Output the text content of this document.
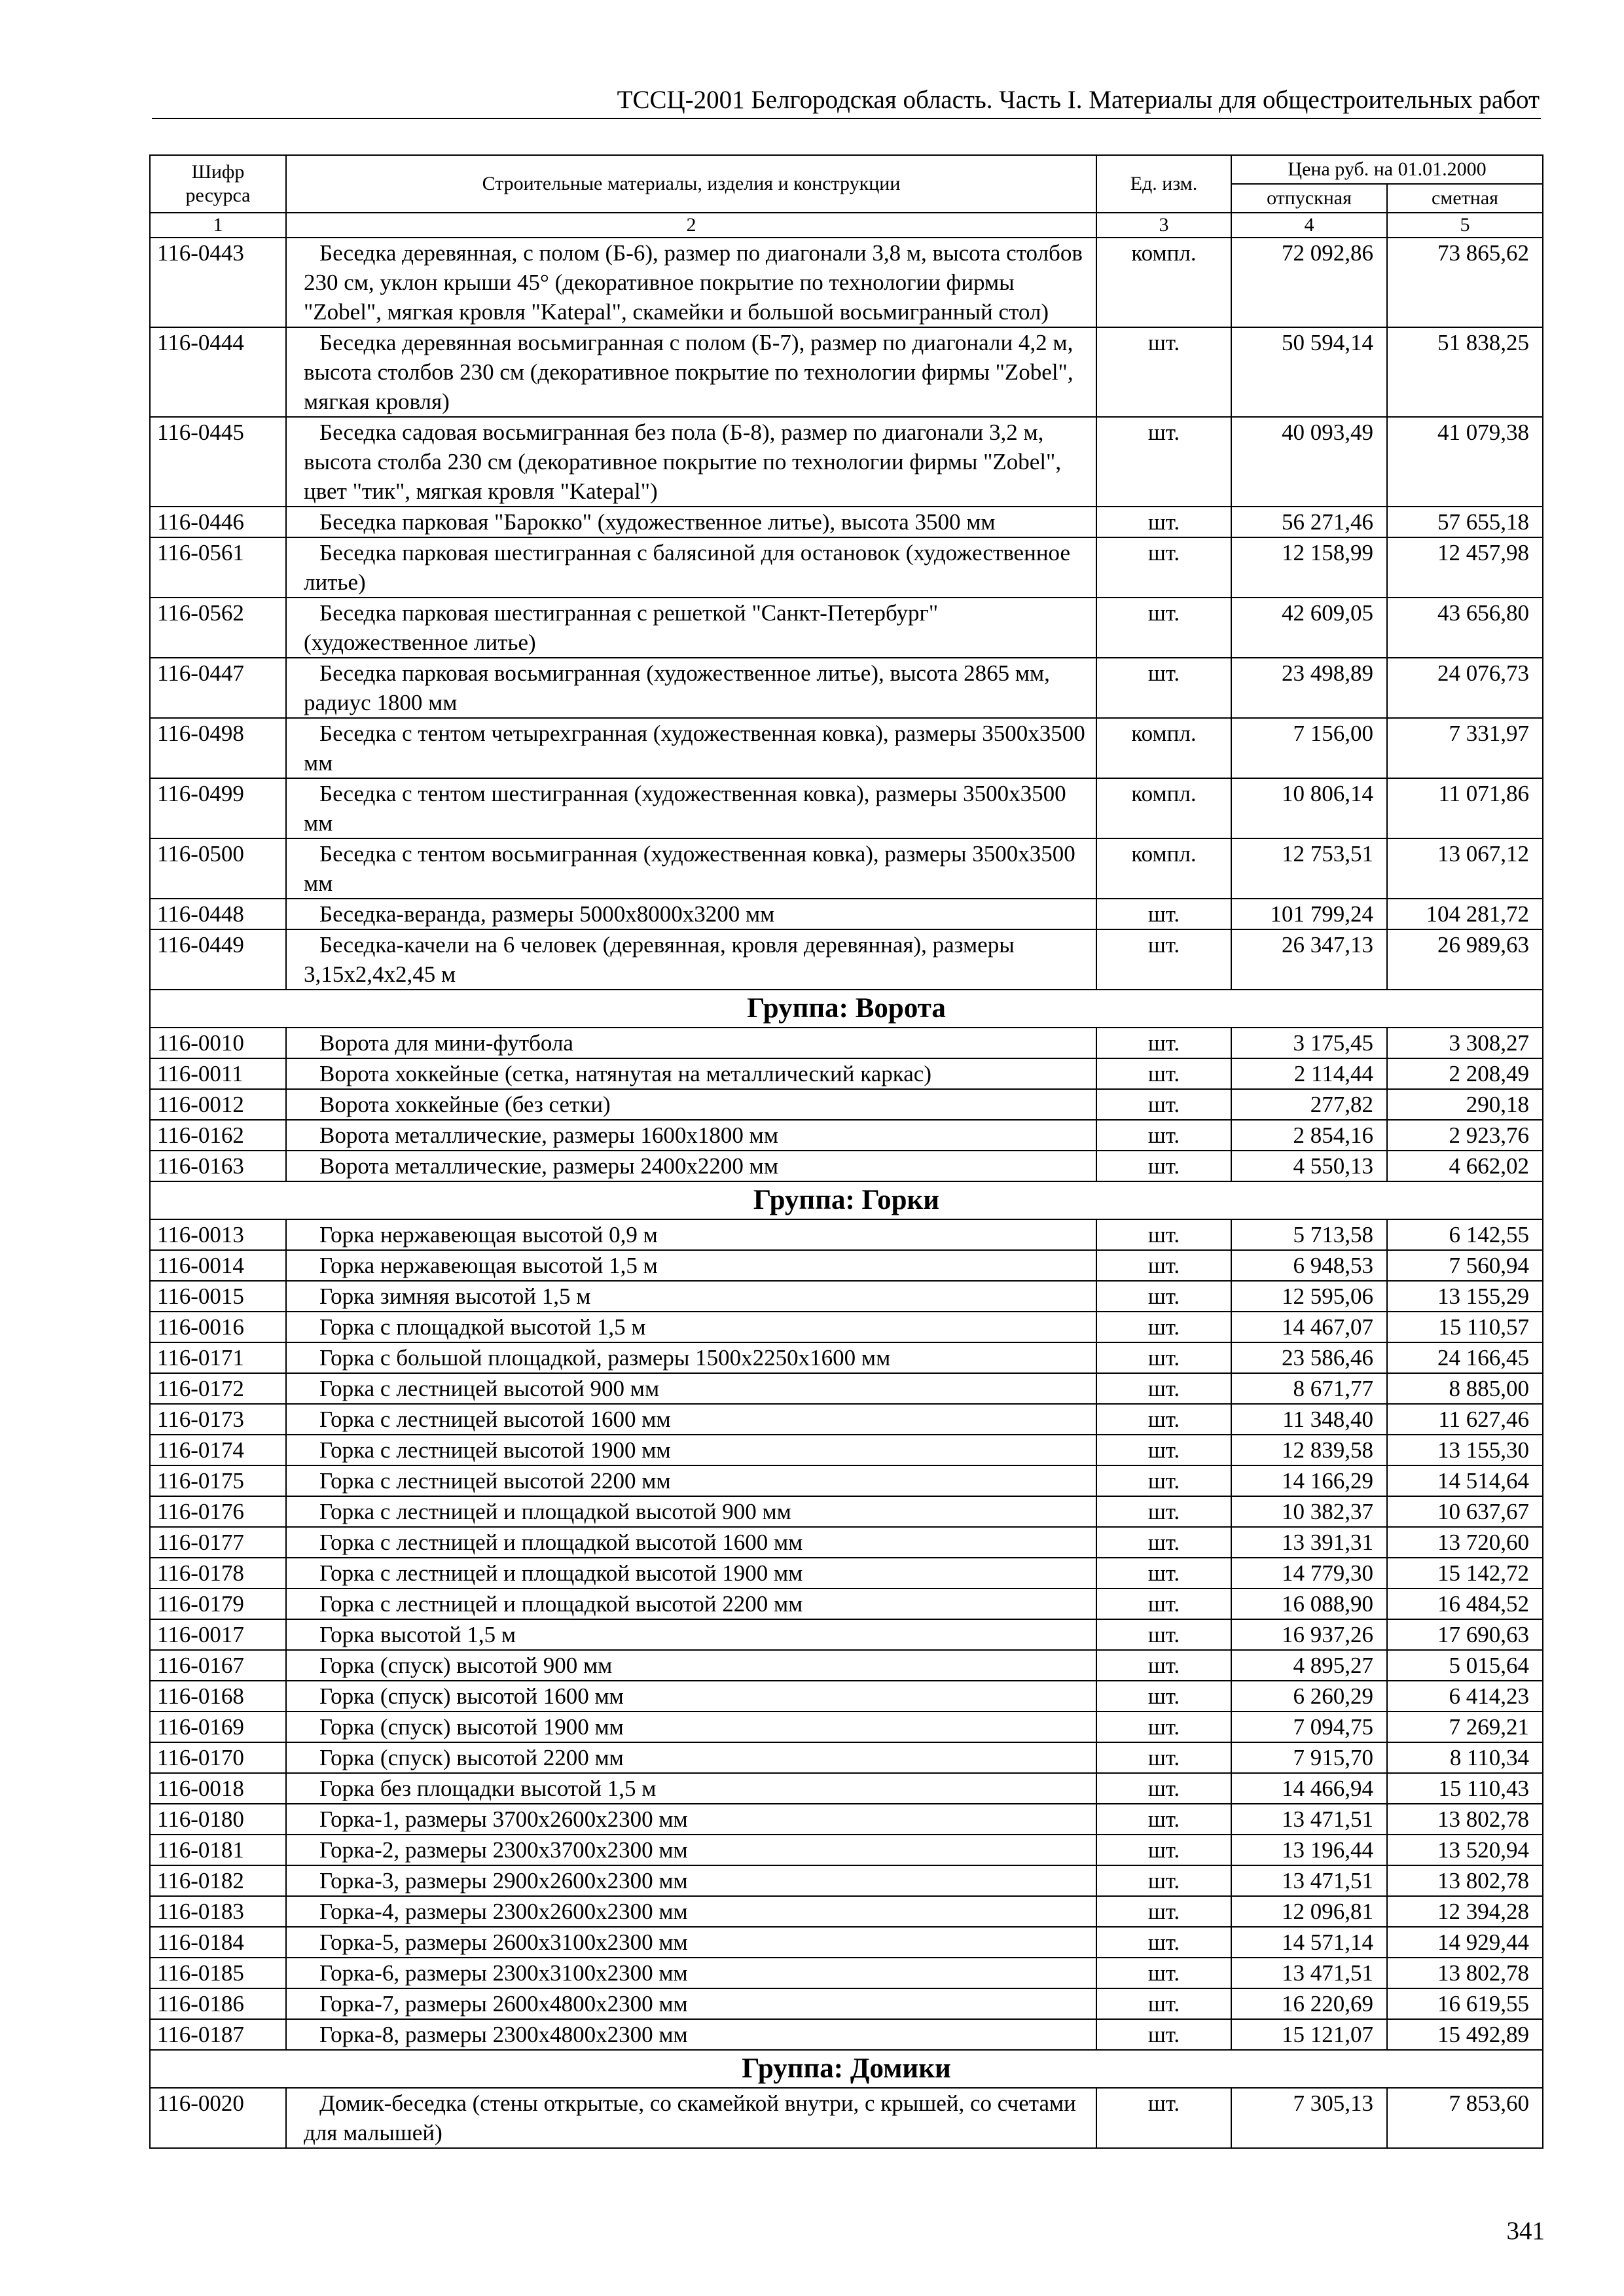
ТССЦ-2001 Белгородская область. Часть I. Материалы для общестроительных работ
Шифр ресурса	Строительные материалы, изделия и конструкции	Ед. изм.	Цена руб. на 01.01.2000	
			отпускная	сметная
1	2	3	4	5
116-0443	Беседка деревянная, с полом (Б-6), размер по диагонали 3,8 м, высота столбов 230 см, уклон крыши 45° (декоративное покрытие по технологии фирмы "Zobel", мягкая кровля "Katepal", скамейки и большой восьмигранный стол)	компл.	72 092,86	73 865,62
116-0444	Беседка деревянная восьмигранная с полом (Б-7), размер по диагонали 4,2 м, высота столбов 230 см (декоративное покрытие по технологии фирмы "Zobel", мягкая кровля)	шт.	50 594,14	51 838,25
116-0445	Беседка садовая восьмигранная без пола (Б-8), размер по диагонали 3,2 м, высота столба 230 см (декоративное покрытие по технологии фирмы "Zobel", цвет "тик", мягкая кровля "Katepal")	шт.	40 093,49	41 079,38
116-0446	Беседка парковая "Барокко" (художественное литье), высота 3500 мм	шт.	56 271,46	57 655,18
116-0561	Беседка парковая шестигранная с балясиной для остановок (художественное литье)	шт.	12 158,99	12 457,98
116-0562	Беседка парковая шестигранная с решеткой "Санкт-Петербург" (художественное литье)	шт.	42 609,05	43 656,80
116-0447	Беседка парковая восьмигранная (художественное литье), высота 2865 мм, радиус 1800 мм	шт.	23 498,89	24 076,73
116-0498	Беседка с тентом четырехгранная (художественная ковка), размеры 3500х3500 мм	компл.	7 156,00	7 331,97
116-0499	Беседка с тентом шестигранная (художественная ковка), размеры 3500х3500 мм	компл.	10 806,14	11 071,86
116-0500	Беседка с тентом восьмигранная (художественная ковка), размеры 3500х3500 мм	компл.	12 753,51	13 067,12
116-0448	Беседка-веранда, размеры 5000х8000х3200 мм	шт.	101 799,24	104 281,72
116-0449	Беседка-качели на 6 человек (деревянная, кровля деревянная), размеры 3,15х2,4х2,45 м	шт.	26 347,13	26 989,63
Группа: Ворота				
116-0010	Ворота для мини-футбола	шт.	3 175,45	3 308,27
116-0011	Ворота хоккейные (сетка, натянутая на металлический каркас)	шт.	2 114,44	2 208,49
116-0012	Ворота хоккейные (без сетки)	шт.	277,82	290,18
116-0162	Ворота металлические, размеры 1600х1800 мм	шт.	2 854,16	2 923,76
116-0163	Ворота металлические, размеры 2400х2200 мм	шт.	4 550,13	4 662,02
Группа: Горки				
116-0013	Горка нержавеющая высотой 0,9 м	шт.	5 713,58	6 142,55
116-0014	Горка нержавеющая высотой 1,5 м	шт.	6 948,53	7 560,94
116-0015	Горка зимняя высотой 1,5 м	шт.	12 595,06	13 155,29
116-0016	Горка с площадкой высотой 1,5 м	шт.	14 467,07	15 110,57
116-0171	Горка с большой площадкой, размеры 1500х2250х1600 мм	шт.	23 586,46	24 166,45
116-0172	Горка с лестницей высотой 900 мм	шт.	8 671,77	8 885,00
116-0173	Горка с лестницей высотой 1600 мм	шт.	11 348,40	11 627,46
116-0174	Горка с лестницей высотой 1900 мм	шт.	12 839,58	13 155,30
116-0175	Горка с лестницей высотой 2200 мм	шт.	14 166,29	14 514,64
116-0176	Горка с лестницей и площадкой высотой 900 мм	шт.	10 382,37	10 637,67
116-0177	Горка с лестницей и площадкой высотой 1600 мм	шт.	13 391,31	13 720,60
116-0178	Горка с лестницей и площадкой высотой 1900 мм	шт.	14 779,30	15 142,72
116-0179	Горка с лестницей и площадкой высотой 2200 мм	шт.	16 088,90	16 484,52
116-0017	Горка высотой 1,5 м	шт.	16 937,26	17 690,63
116-0167	Горка (спуск) высотой 900 мм	шт.	4 895,27	5 015,64
116-0168	Горка (спуск) высотой 1600 мм	шт.	6 260,29	6 414,23
116-0169	Горка (спуск) высотой 1900 мм	шт.	7 094,75	7 269,21
116-0170	Горка (спуск) высотой 2200 мм	шт.	7 915,70	8 110,34
116-0018	Горка без площадки высотой 1,5 м	шт.	14 466,94	15 110,43
116-0180	Горка-1, размеры 3700х2600х2300 мм	шт.	13 471,51	13 802,78
116-0181	Горка-2, размеры 2300х3700х2300 мм	шт.	13 196,44	13 520,94
116-0182	Горка-3, размеры 2900х2600х2300 мм	шт.	13 471,51	13 802,78
116-0183	Горка-4, размеры 2300х2600х2300 мм	шт.	12 096,81	12 394,28
116-0184	Горка-5, размеры 2600х3100х2300 мм	шт.	14 571,14	14 929,44
116-0185	Горка-6, размеры 2300х3100х2300 мм	шт.	13 471,51	13 802,78
116-0186	Горка-7, размеры 2600х4800х2300 мм	шт.	16 220,69	16 619,55
116-0187	Горка-8, размеры 2300х4800х2300 мм	шт.	15 121,07	15 492,89
Группа: Домики				
116-0020	Домик-беседка (стены открытые, со скамейкой внутри, с крышей, со счетами для малышей)	шт.	7 305,13	7 853,60
341
